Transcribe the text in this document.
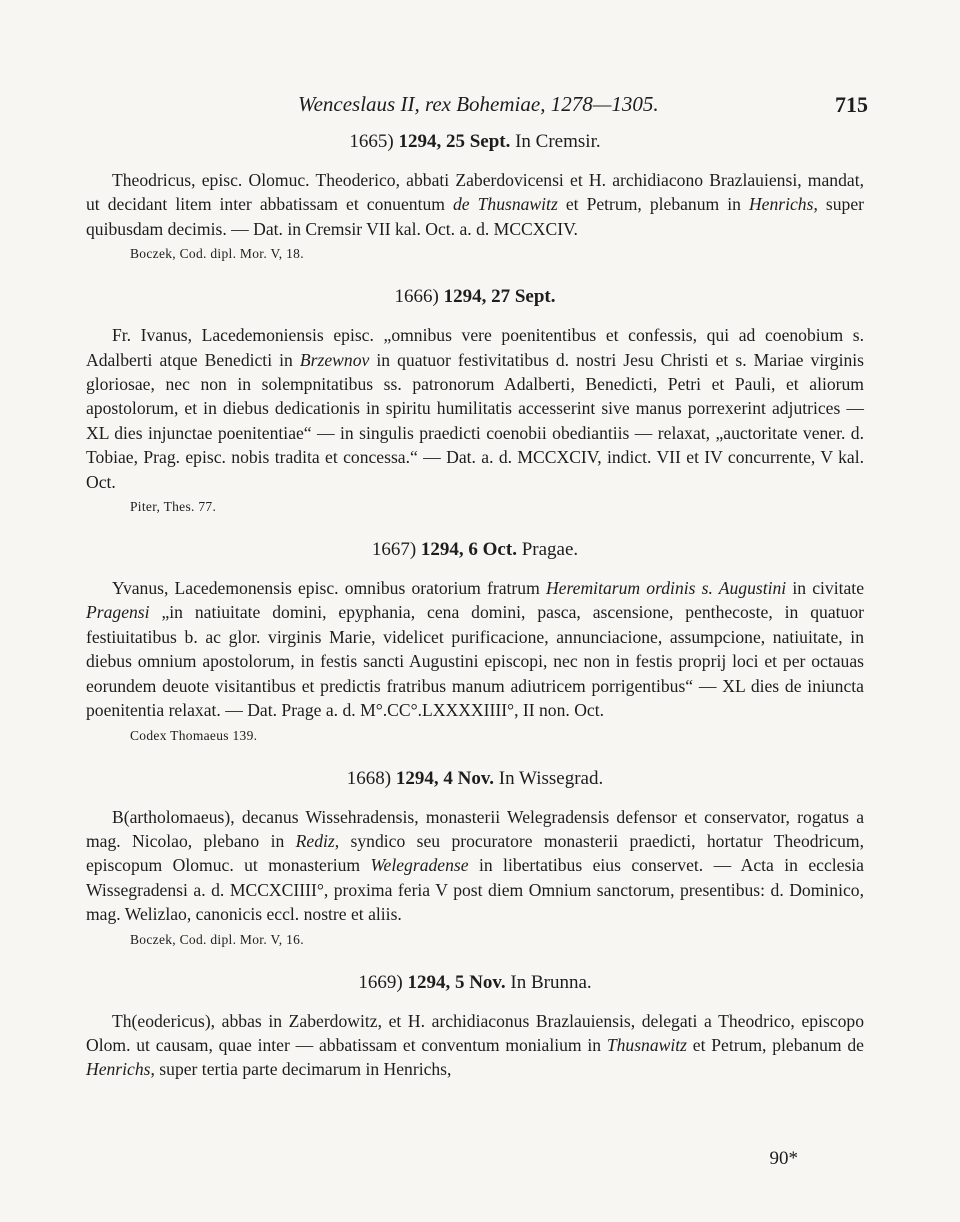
Wenceslaus II, rex Bohemiae, 1278—1305.	715
1665) 1294, 25 Sept. In Cremsir.

Theodricus, episc. Olomuc. Theoderico, abbati Zaberdovicensi et H. archidiacono Brazlauiensi, mandat, ut decidant litem inter abbatissam et conuentum de Thusnawitz et Petrum, plebanum in Henrichs, super quibusdam decimis. — Dat. in Cremsir VII kal. Oct. a. d. MCCXCIV.

Boczek, Cod. dipl. Mor. V, 18.
1666) 1294, 27 Sept.

Fr. Ivanus, Lacedemoniensis episc. „omnibus vere poenitentibus et confessis, qui ad coenobium s. Adalberti atque Benedicti in Brzewnov in quatuor festivitatibus d. nostri Jesu Christi et s. Mariae virginis gloriosae, nec non in solempnitatibus ss. patronorum Adalberti, Benedicti, Petri et Pauli, et aliorum apostolorum, et in diebus dedicationis in spiritu humilitatis accesserint sive manus porrexerint adjutrices — XL dies injunctae poenitentiae“ — in singulis praedicti coenobii obediantiis — relaxat, „auctoritate vener. d. Tobiae, Prag. episc. nobis tradita et concessa.“ — Dat. a. d. MCCXCIV, indict. VII et IV concurrente, V kal. Oct.

Piter, Thes. 77.
1667) 1294, 6 Oct. Pragae.

Yvanus, Lacedemonensis episc. omnibus oratorium fratrum Heremitarum ordinis s. Augustini in civitate Pragensi „in natiuitate domini, epyphania, cena domini, pasca, ascensione, penthecoste, in quatuor festiuitatibus b. ac glor. virginis Marie, videlicet purificacione, annunciacione, assumpcione, natiuitate, in diebus omnium apostolorum, in festis sancti Augustini episcopi, nec non in festis proprij loci et per octauas eorundem deuote visitantibus et predictis fratribus manum adiutricem porrigentibus“ — XL dies de iniuncta poenitentia relaxat. — Dat. Prage a. d. M°.CC°.LXXXXIIII°, II non. Oct.

Codex Thomaeus 139.
1668) 1294, 4 Nov. In Wissegrad.

B(artholomaeus), decanus Wissehradensis, monasterii Welegradensis defensor et conservator, rogatus a mag. Nicolao, plebano in Rediz, syndico seu procuratore monasterii praedicti, hortatur Theodricum, episcopum Olomuc. ut monasterium Welegradense in libertatibus eius conservet. — Acta in ecclesia Wissegradensi a. d. MCCXCIIII°, proxima feria V post diem Omnium sanctorum, presentibus: d. Dominico, mag. Welizlao, canonicis eccl. nostre et aliis.

Boczek, Cod. dipl. Mor. V, 16.
1669) 1294, 5 Nov. In Brunna.

Th(eodericus), abbas in Zaberdowitz, et H. archidiaconus Brazlauiensis, delegati a Theodrico, episcopo Olom. ut causam, quae inter — abbatissam et conventum monialium in Thusnawitz et Petrum, plebanum de Henrichs, super tertia parte decimarum in Henrichs,

90*
